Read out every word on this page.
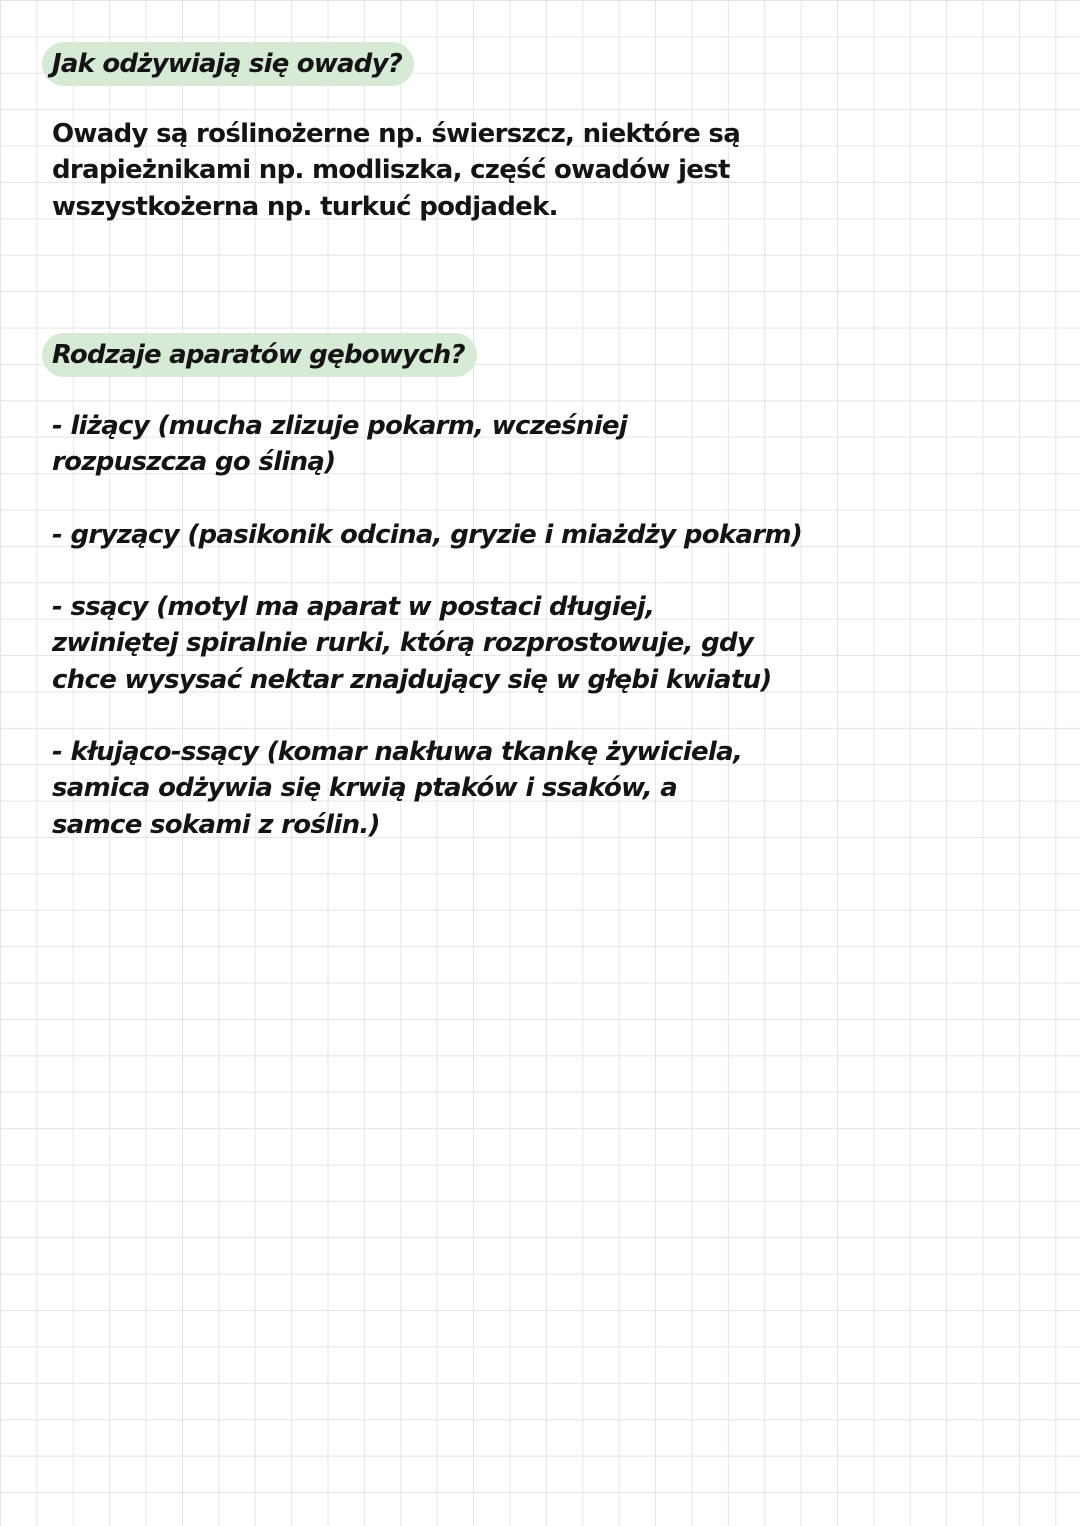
Jak odżywiają się owady?
Owady są roślinożerne np. świerszcz, niektóre są
drapieżnikami np. modliszka, część owadów jest
wszystkożerna np. turkuć podjadek.
Rodzaje aparatów gębowych?
- liżący (mucha zlizuje pokarm, wcześniej
rozpuszcza go śliną)
- gryzący (pasikonik odcina, gryzie i miażdży pokarm)
- ssący (motyl ma aparat w postaci długiej,
zwiniętej spiralnie rurki, którą rozprostowuje, gdy
chce wysysać nektar znajdujący się w głębi kwiatu)
- kłująco-ssący (komar nakłuwa tkankę żywiciela,
samica odżywia się krwią ptaków i ssaków, a
samce sokami z roślin.)
